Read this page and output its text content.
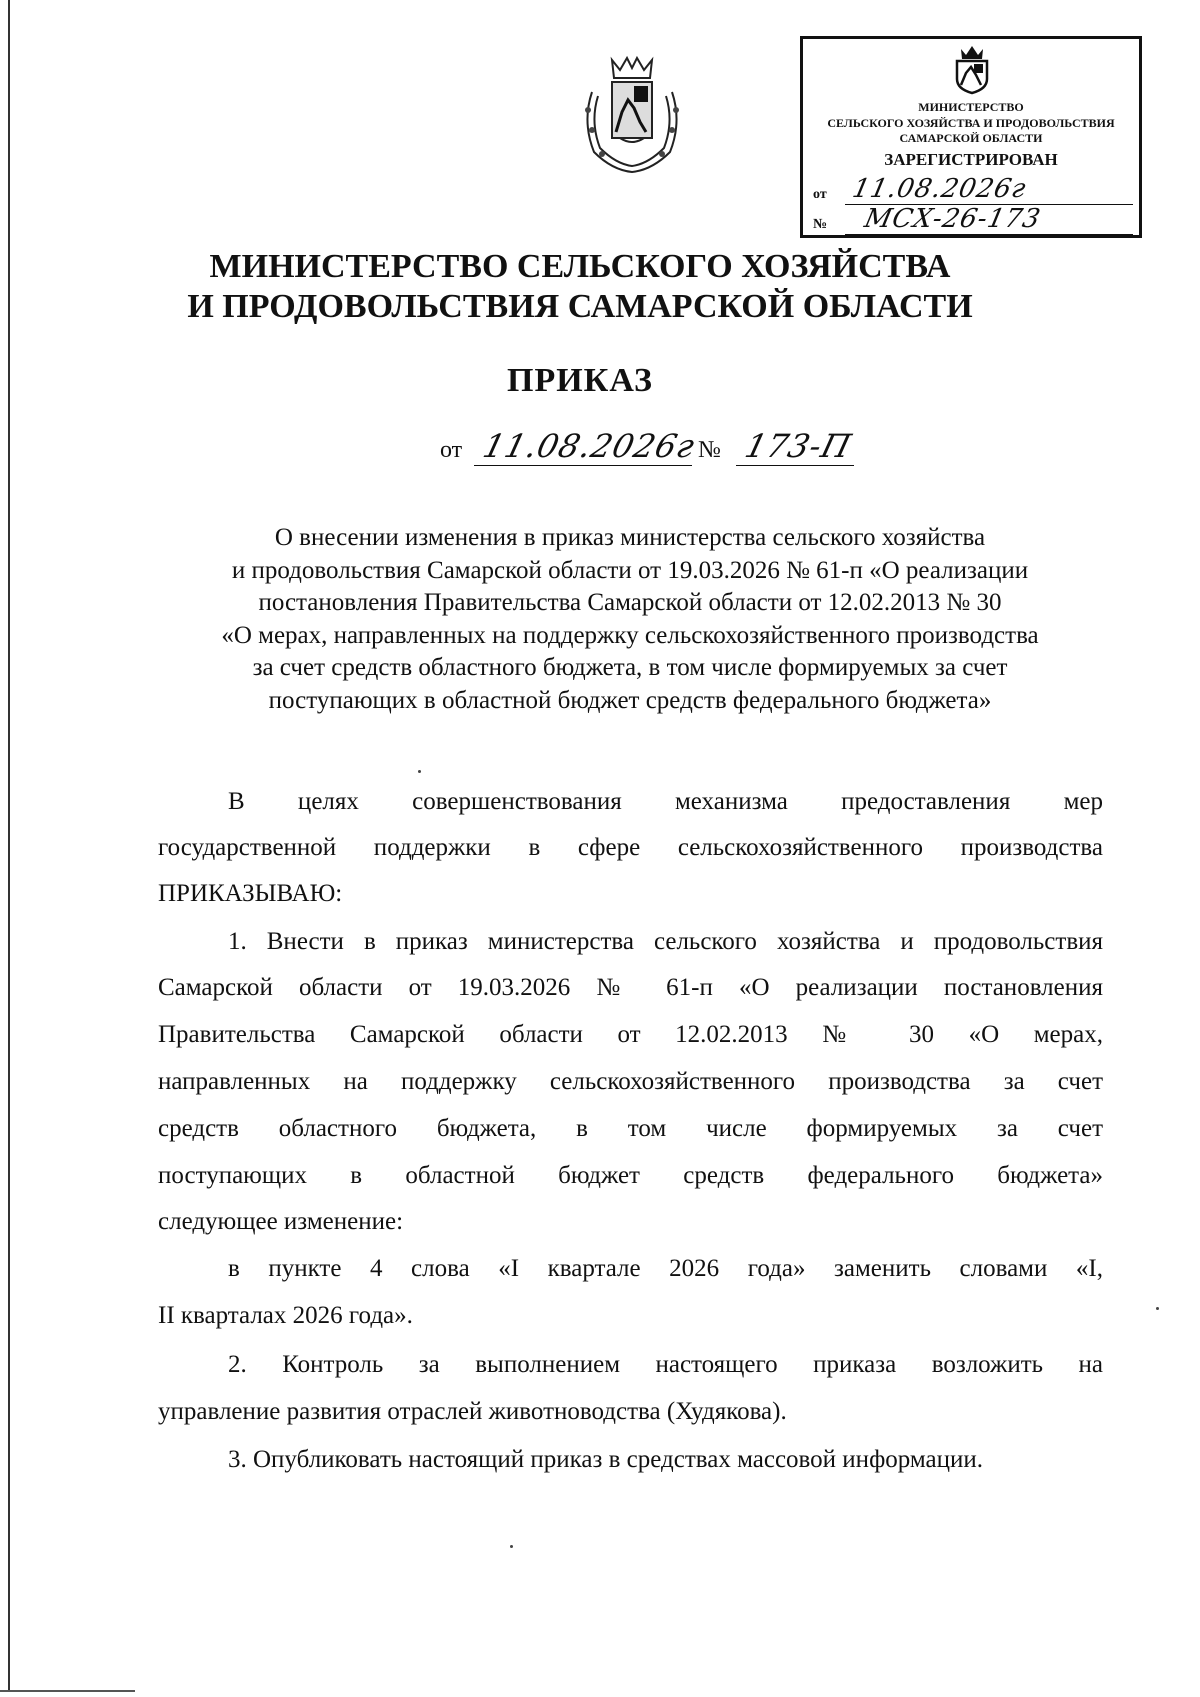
МИНИСТЕРСТВО
СЕЛЬСКОГО ХОЗЯЙСТВА И ПРОДОВОЛЬСТВИЯ
САМАРСКОЙ ОБЛАСТИ
ЗАРЕГИСТРИРОВАН
от 11.08.2026г
№ МСХ-26-173
МИНИСТЕРСТВО СЕЛЬСКОГО ХОЗЯЙСТВА
И ПРОДОВОЛЬСТВИЯ САМАРСКОЙ ОБЛАСТИ
ПРИКАЗ
от 11.08.2026г
№ 173-П
О внесении изменения в приказ министерства сельского хозяйства
и продовольствия Самарской области от 19.03.2026 № 61-п «О реализации
постановления Правительства Самарской области от 12.02.2013 № 30
«О мерах, направленных на поддержку сельскохозяйственного производства
за счет средств областного бюджета, в том числе формируемых за счет
поступающих в областной бюджет средств федерального бюджета»
В целях совершенствования механизма предоставления мер
государственной поддержки в сфере сельскохозяйственного производства
ПРИКАЗЫВАЮ:
1. Внести в приказ министерства сельского хозяйства и продовольствия
Самарской области от 19.03.2026 № 61-п «О реализации постановления
Правительства Самарской области от 12.02.2013 № 30 «О мерах,
направленных на поддержку сельскохозяйственного производства за счет
средств областного бюджета, в том числе формируемых за счет
поступающих в областной бюджет средств федерального бюджета»
следующее изменение:
в пункте 4 слова «I квартале 2026 года» заменить словами «I,
II кварталах 2026 года».
2. Контроль за выполнением настоящего приказа возложить на
управление развития отраслей животноводства (Худякова).
3. Опубликовать настоящий приказ в средствах массовой информации.
